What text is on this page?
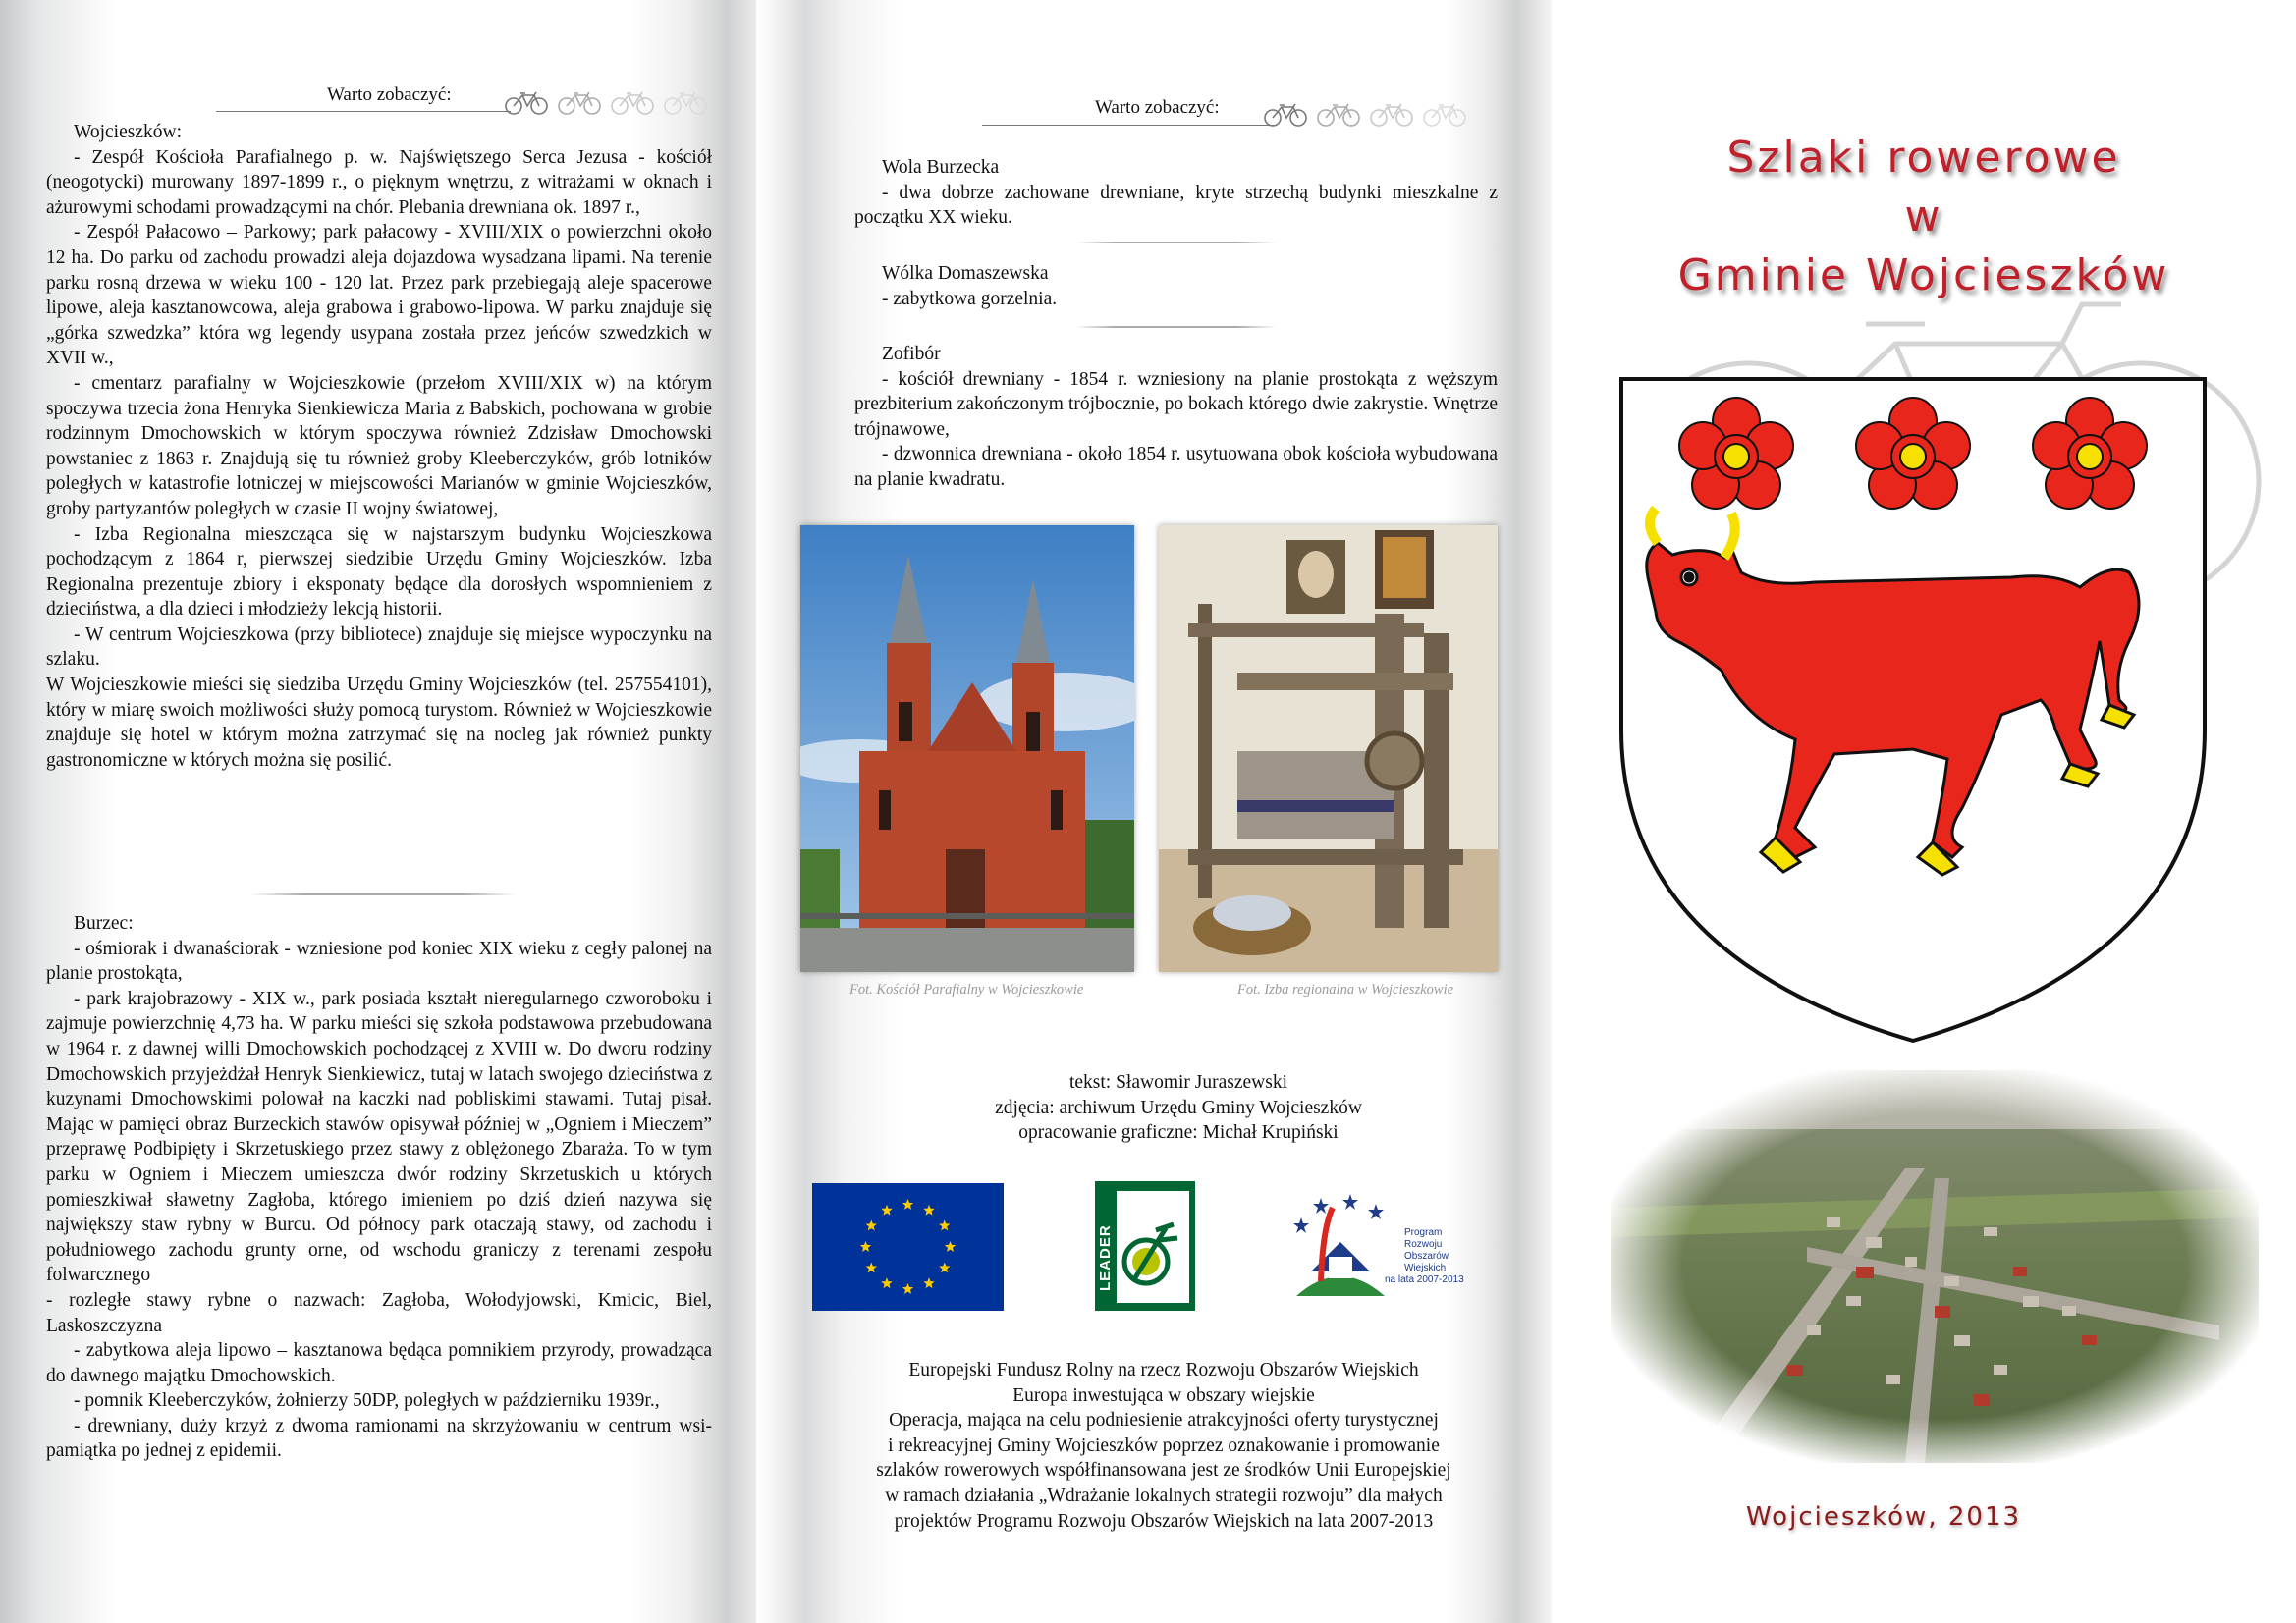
Warto zobaczyć:

Wojcieszków:

- Zespół Kościoła Parafialnego p. w. Najświętszego Serca Jezusa - kościół (neogotycki) murowany 1897-1899 r., o pięknym wnętrzu, z witrażami w oknach i ażurowymi schodami prowadzącymi na chór. Plebania drewniana ok. 1897 r.,

- Zespół Pałacowo – Parkowy; park pałacowy - XVIII/XIX o powierzchni około 12 ha. Do parku od zachodu prowadzi aleja dojazdowa wysadzana lipami. Na terenie parku rosną drzewa w wieku 100 - 120 lat. Przez park przebiegają aleje spacerowe lipowe, aleja kasztanowcowa, aleja grabowa i grabowo-lipowa. W parku znajduje się „górka szwedzka” która wg legendy usypana została przez jeńców szwedzkich w XVII w.,

- cmentarz parafialny w Wojcieszkowie (przełom XVIII/XIX w) na którym spoczywa trzecia żona Henryka Sienkiewicza Maria z Babskich, pochowana w grobie rodzinnym Dmochowskich w którym spoczywa również Zdzisław Dmochowski powstaniec z 1863 r. Znajdują się tu również groby Kleeberczyków, grób lotników poległych w katastrofie lotniczej w miejscowości Marianów w gminie Wojcieszków, groby partyzantów poległych w czasie II wojny światowej,

- Izba Regionalna mieszcząca się w najstarszym budynku Wojcieszkowa pochodzącym z 1864 r, pierwszej siedzibie Urzędu Gminy Wojcieszków. Izba Regionalna prezentuje zbiory i eksponaty będące dla dorosłych wspomnieniem z dzieciństwa, a dla dzieci i młodzieży lekcją historii.

- W centrum Wojcieszkowa (przy bibliotece) znajduje się miejsce wypoczynku na szlaku.

W Wojcieszkowie mieści się siedziba Urzędu Gminy Wojcieszków (tel. 257554101), który w miarę swoich możliwości służy pomocą turystom. Również w Wojcieszkowie znajduje się hotel w którym można zatrzymać się na nocleg jak również punkty gastronomiczne w których można się posilić.

Burzec:

- ośmiorak i dwanaściorak - wzniesione pod koniec XIX wieku z cegły palonej na planie prostokąta,

- park krajobrazowy - XIX w., park posiada kształt nieregularnego czworoboku i zajmuje powierzchnię 4,73 ha. W parku mieści się szkoła podstawowa przebudowana w 1964 r. z dawnej willi Dmochowskich pochodzącej z XVIII w. Do dworu rodziny Dmochowskich przyjeżdżał Henryk Sienkiewicz, tutaj w latach swojego dzieciństwa z kuzynami Dmochowskimi polował na kaczki nad pobliskimi stawami. Tutaj pisał. Mając w pamięci obraz Burzeckich stawów opisywał później w „Ogniem i Mieczem” przeprawę Podbipięty i Skrzetuskiego przez stawy z oblężonego Zbaraża. To w tym parku w Ogniem i Mieczem umieszcza dwór rodziny Skrzetuskich u których pomieszkiwał sławetny Zagłoba, którego imieniem po dziś dzień nazywa się największy staw rybny w Burcu. Od północy park otaczają stawy, od zachodu i południowego zachodu grunty orne, od wschodu graniczy z terenami zespołu folwarcznego

- rozległe stawy rybne o nazwach: Zagłoba, Wołodyjowski, Kmicic, Biel, Laskoszczyzna

- zabytkowa aleja lipowo – kasztanowa będąca pomnikiem przyrody, prowadząca do dawnego majątku Dmochowskich.

- pomnik Kleeberczyków, żołnierzy 50DP, poległych w październiku 1939r.,

- drewniany, duży krzyż z dwoma ramionami na skrzyżowaniu w centrum wsi- pamiątka po jednej z epidemii.

Warto zobaczyć:

Wola Burzecka

- dwa dobrze zachowane drewniane, kryte strzechą budynki mieszkalne z początku XX wieku.

Wólka Domaszewska

- zabytkowa gorzelnia.

Zofibór

- kościół drewniany - 1854 r. wzniesiony na planie prostokąta z węższym prezbiterium zakończonym trójbocznie, po bokach którego dwie zakrystie. Wnętrze trójnawowe,

- dzwonnica drewniana - około 1854 r. usytuowana obok kościoła wybudowana na planie kwadratu.

Fot. Kościół Parafialny w Wojcieszkowie	Fot. Izba regionalna w Wojcieszkowie
tekst: Sławomir Juraszewski
zdjęcia: archiwum Urzędu Gminy Wojcieszków
opracowanie graficzne: Michał Krupiński
LEADER	Program
Rozwoju
Obszarów
Wiejskich
na lata 2007-2013
Europejski Fundusz Rolny na rzecz Rozwoju Obszarów Wiejskich
Europa inwestująca w obszary wiejskie
Operacja, mająca na celu podniesienie atrakcyjności oferty turystycznej
i rekreacyjnej Gminy Wojcieszków poprzez oznakowanie i promowanie
szlaków rowerowych współfinansowana jest ze środków Unii Europejskiej
w ramach działania „Wdrażanie lokalnych strategii rozwoju” dla małych
projektów Programu Rozwoju Obszarów Wiejskich na lata 2007-2013
Szlaki rowerowe
w
Gminie Wojcieszków
Wojcieszków, 2013
